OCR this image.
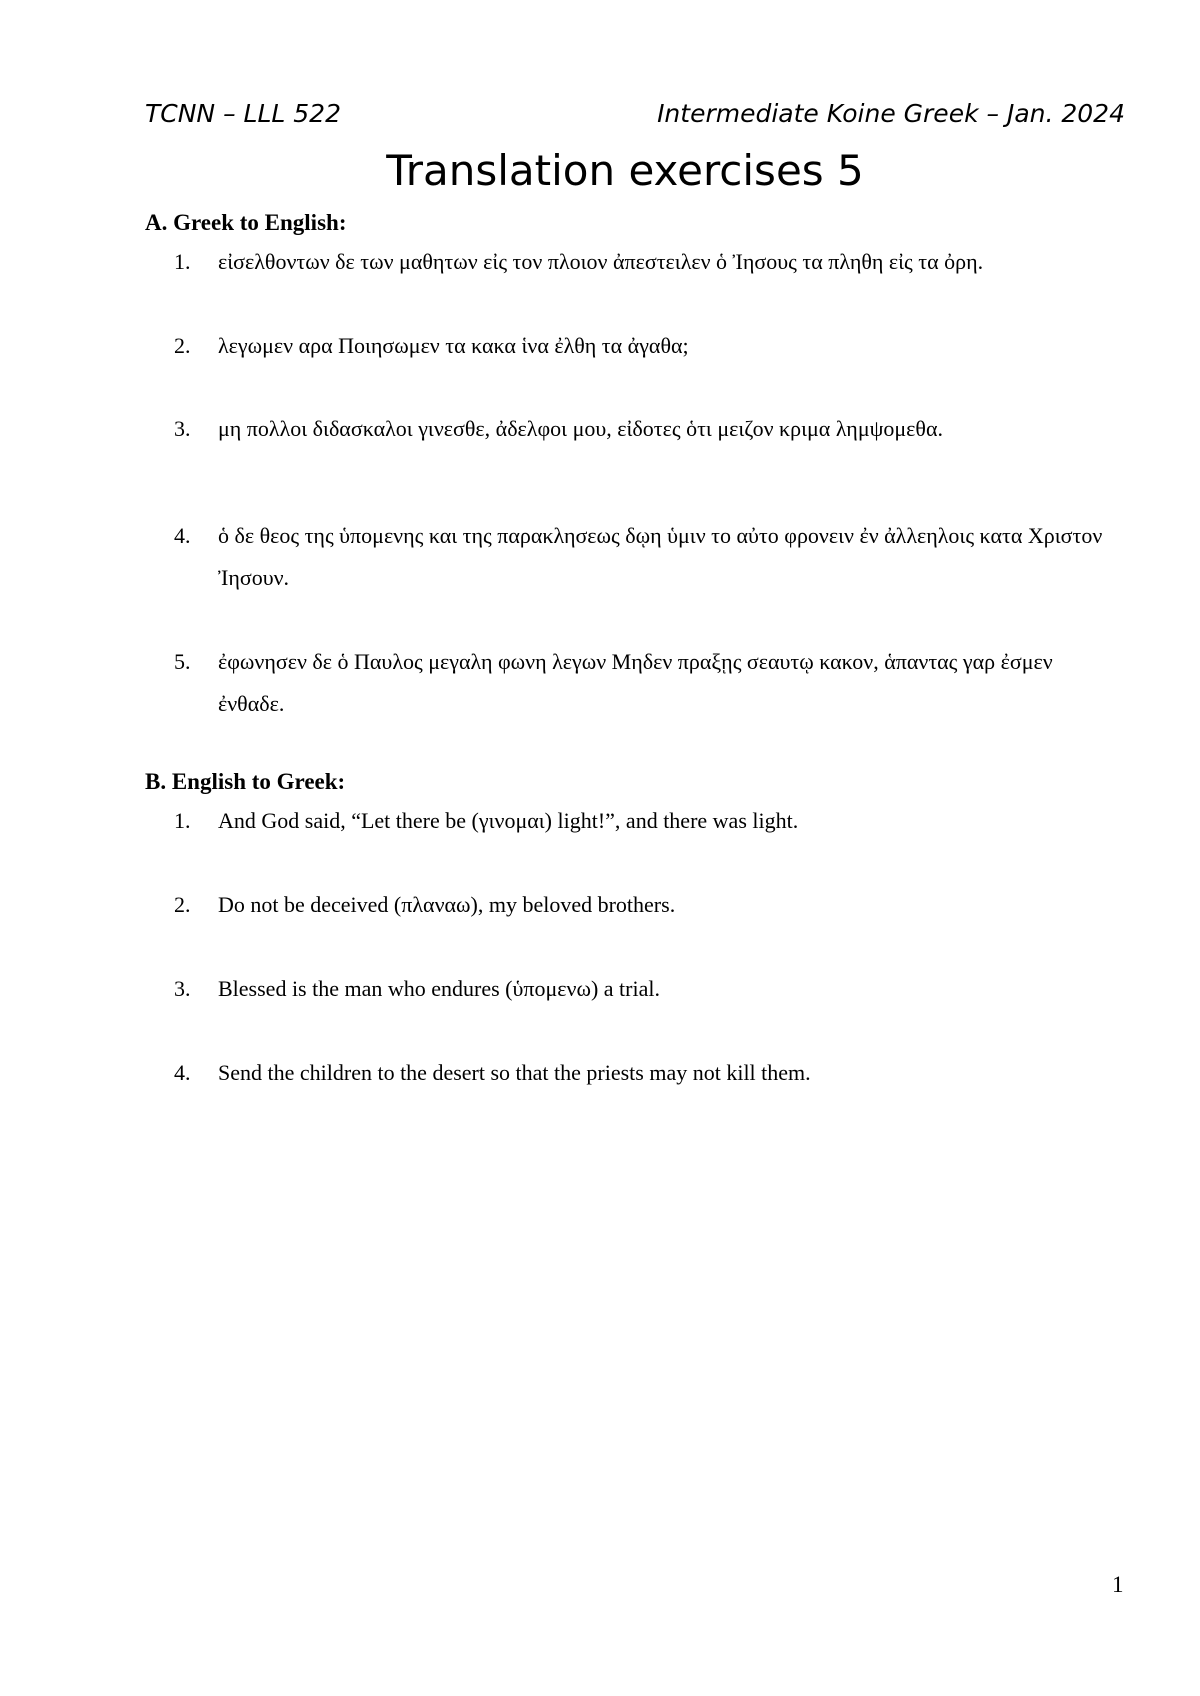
TCNN – LLL 522	Intermediate Koine Greek – Jan. 2024
Translation exercises 5
A. Greek to English:
1.	εἰσελθοντων δε των μαθητων εἰς τον πλοιον ἀπεστειλεν ὁ Ἰησους τα πληθη εἰς τα ὀρη.
2.	λεγωμεν αρα Ποιησωμεν τα κακα ἱνα ἐλθη τα ἀγαθα;
3.	μη πολλοι διδασκαλοι γινεσθε, ἀδελφοι μου, εἰδοτες ὁτι μειζον κριμα λημψομεθα.
4.	ὁ δε θεος της ὑπομενης και της παρακλησεως δῳη ὑμιν το αὐτο φρονειν ἐν ἀλλεηλοις κατα Χριστον Ἰησουν.
5.	ἐφωνησεν δε ὁ Παυλος μεγαλη φωνη λεγων Μηδεν πραξῃς σεαυτῳ κακον, ἁπαντας γαρ ἐσμεν ἐνθαδε.
B. English to Greek:
1.	And God said, “Let there be (γινομαι) light!”, and there was light.
2.	Do not be deceived (πλαναω), my beloved brothers.
3.	Blessed is the man who endures (ὑπομενω) a trial.
4.	Send the children to the desert so that the priests may not kill them.
1
